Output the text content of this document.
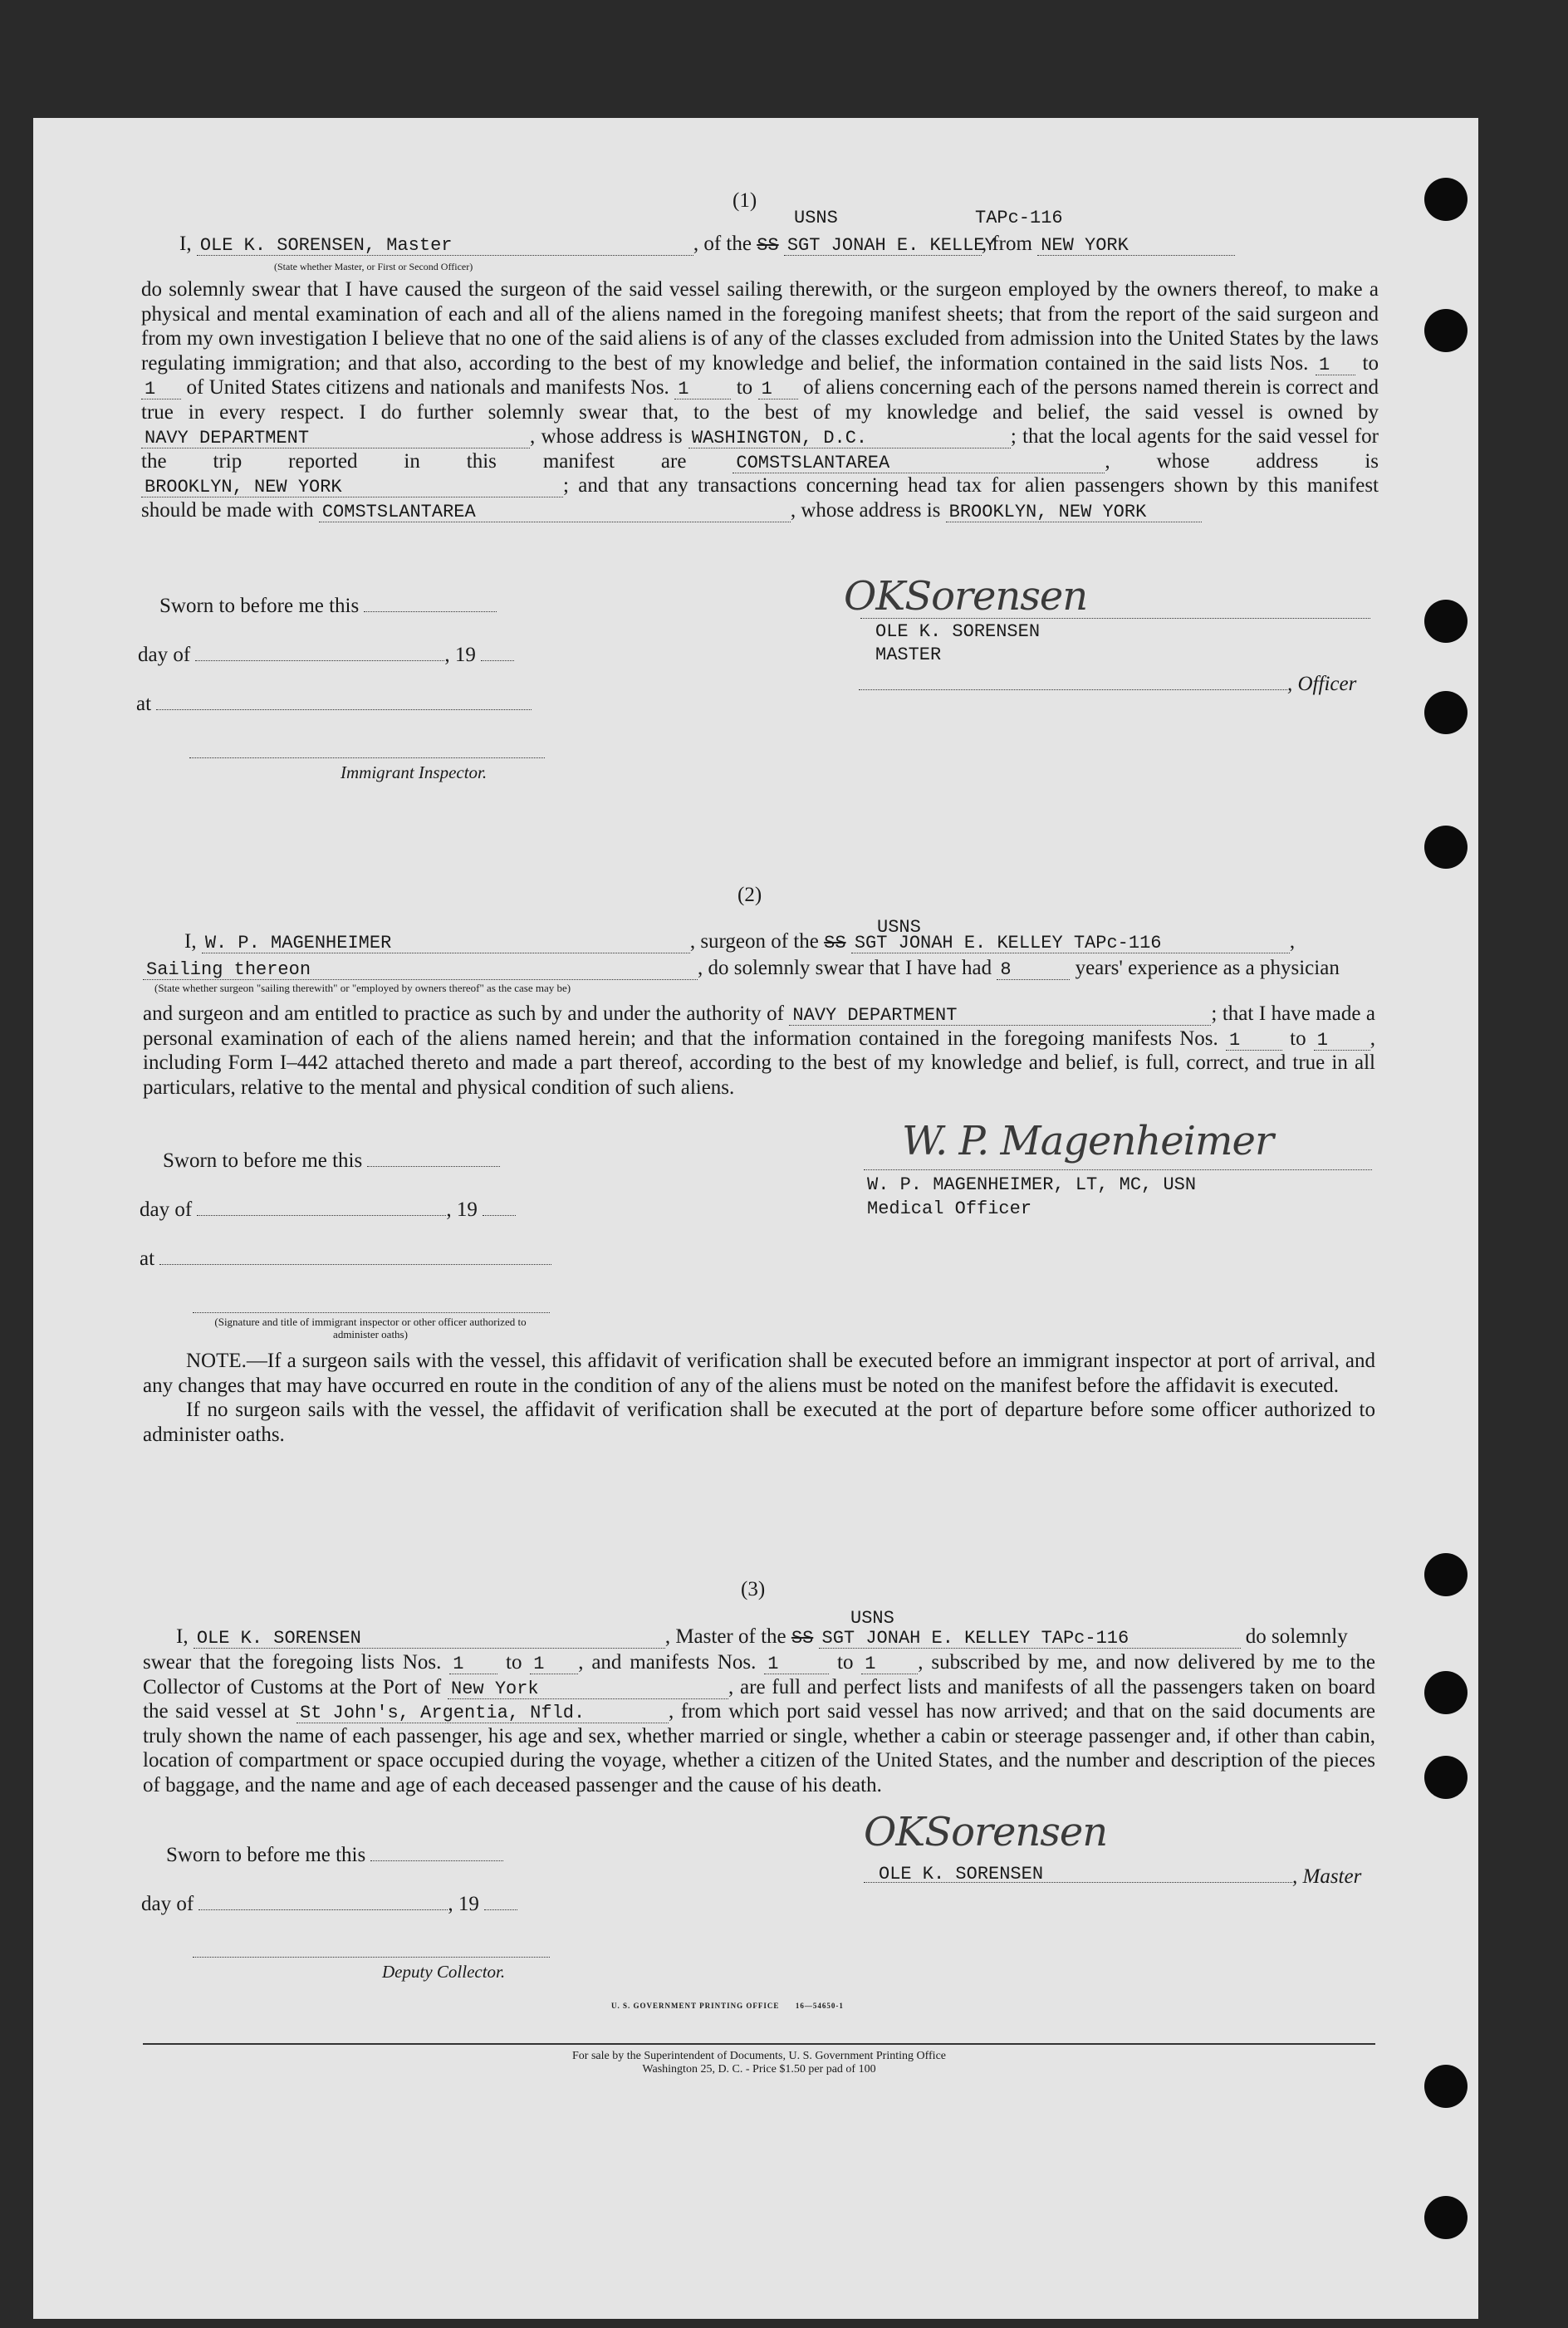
(1)
USNS	TAPc-116
I, OLE K. SORENSEN, Master	, of the SS SGT JONAH E. KELLEY, from NEW YORK
(State whether Master, or First or Second Officer)
do solemnly swear that I have caused the surgeon of the said vessel sailing therewith, or the surgeon employed by the owners thereof, to make a physical and mental examination of each and all of the aliens named in the foregoing manifest sheets; that from the report of the said surgeon and from my own investigation I believe that no one of the said aliens is of any of the classes excluded from admission into the United States by the laws regulating immigration; and that also, according to the best of my knowledge and belief, the information contained in the said lists Nos. 1 to 1 of United States citizens and nationals and manifests Nos. 1 to 1 of aliens concerning each of the persons named therein is correct and true in every respect. I do further solemnly swear that, to the best of my knowledge and belief, the said vessel is owned by NAVY DEPARTMENT	, whose address is WASHINGTON, D.C.	; that the local agents for the said vessel for the trip reported in this manifest are	COMSTSLANTAREA	, whose address is BROOKLYN, NEW YORK	; and that any transactions concerning head tax for alien passengers shown by this manifest should be made with COMSTSLANTAREA	, whose address is BROOKLYN, NEW YORK
Sworn to before me this
day of	, 19
at
Immigrant Inspector.
OKSorensen
OLE K. SORENSEN
MASTER
, Officer
(2)
USNS
I, W. P. MAGENHEIMER	, surgeon of the SS SGT JONAH E. KELLEY TAPc-116	,
Sailing thereon	, do solemnly swear that I have had 8	years' experience as a physician
(State whether surgeon "sailing therewith" or "employed by owners thereof" as the case may be)
and surgeon and am entitled to practice as such by and under the authority of NAVY DEPARTMENT	; that I have made a personal examination of each of the aliens named herein; and that the information contained in the foregoing manifests Nos. 1 to 1 , including Form I–442 attached thereto and made a part thereof, according to the best of my knowledge and belief, is full, correct, and true in all particulars, relative to the mental and physical condition of such aliens.
Sworn to before me this
day of	, 19
at
(Signature and title of immigrant inspector or other officer authorized to administer oaths)
W. P. Magenheimer
W. P. MAGENHEIMER, LT, MC, USN
Medical Officer
NOTE.—If a surgeon sails with the vessel, this affidavit of verification shall be executed before an immigrant inspector at port of arrival, and any changes that may have occurred en route in the condition of any of the aliens must be noted on the manifest before the affidavit is executed.
If no surgeon sails with the vessel, the affidavit of verification shall be executed at the port of departure before some officer authorized to administer oaths.
(3)
USNS
I, OLE K. SORENSEN	, Master of the SS SGT JONAH E. KELLEY TAPc-116	do solemnly
swear that the foregoing lists Nos. 1 to 1 , and manifests Nos. 1	to 1 , subscribed by me, and now delivered by me to the Collector of Customs at the Port of New York	, are full and perfect lists and manifests of all the passengers taken on board the said vessel at St John's, Argentia, Nfld.	, from which port said vessel has now arrived; and that on the said documents are truly shown the name of each passenger, his age and sex, whether married or single, whether a cabin or steerage passenger and, if other than cabin, location of compartment or space occupied during the voyage, whether a citizen of the United States, and the number and description of the pieces of baggage, and the name and age of each deceased passenger and the cause of his death.
Sworn to before me this
day of	, 19
Deputy Collector.
OKSorensen
, Master
OLE K. SORENSEN
U. S. GOVERNMENT PRINTING OFFICE      16—54650-1
For sale by the Superintendent of Documents, U. S. Government Printing Office
Washington 25, D. C. - Price $1.50 per pad of 100
